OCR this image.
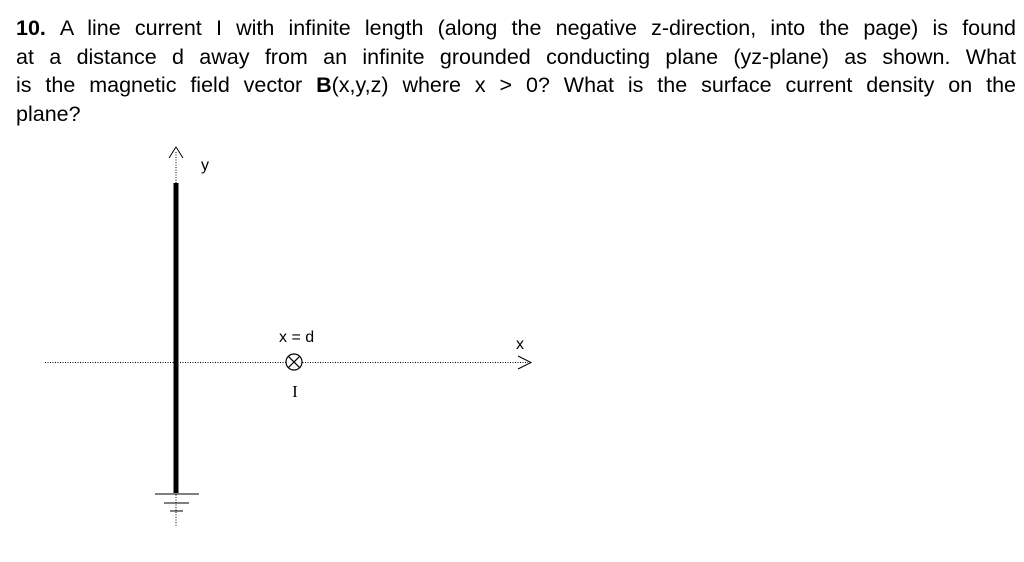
10. A line current I with infinite length (along the negative z-direction, into the page) is found
at a distance d away from an infinite grounded conducting plane (yz-plane) as shown. What
is the magnetic field vector B(x,y,z) where x > 0? What is the surface current density on the
plane?
y
x
x = d
I
